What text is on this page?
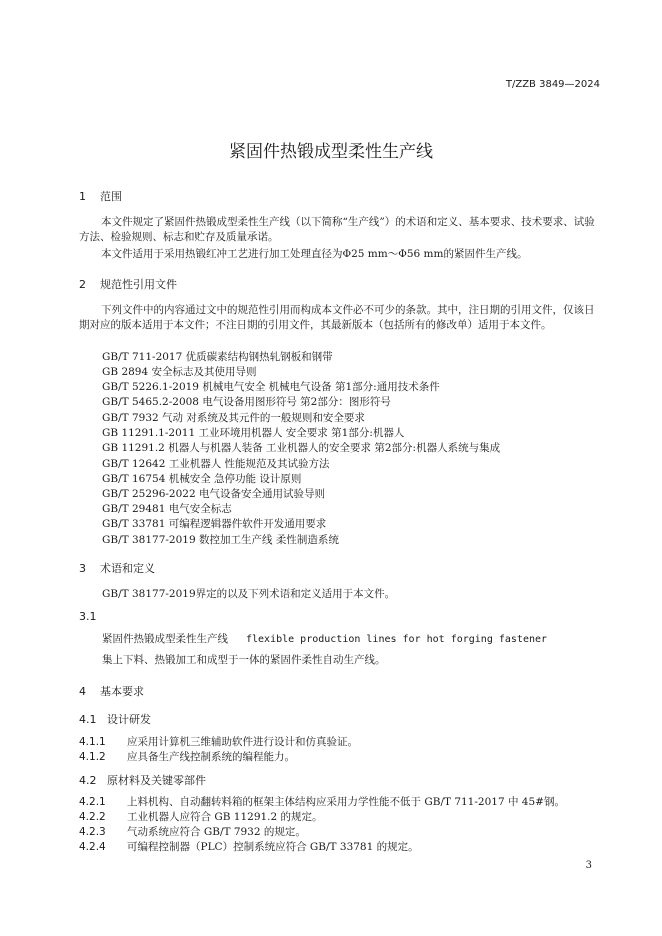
T/ZZB 3849—2024
紧固件热锻成型柔性生产线
1 范围
本文件规定了紧固件热锻成型柔性生产线（以下简称“生产线”）的术语和定义、基本要求、技术要求、试验方法、检验规则、标志和贮存及质量承诺。
本文件适用于采用热锻红冲工艺进行加工处理直径为Φ25 mm～Φ56 mm的紧固件生产线。
2 规范性引用文件
下列文件中的内容通过文中的规范性引用而构成本文件必不可少的条款。其中，注日期的引用文件，仅该日期对应的版本适用于本文件；不注日期的引用文件，其最新版本（包括所有的修改单）适用于本文件。
GB/T 711-2017 优质碳素结构钢热轧钢板和钢带
GB 2894 安全标志及其使用导则
GB/T 5226.1-2019 机械电气安全 机械电气设备 第1部分:通用技术条件
GB/T 5465.2-2008 电气设备用图形符号 第2部分：图形符号
GB/T 7932 气动 对系统及其元件的一般规则和安全要求
GB 11291.1-2011 工业环境用机器人 安全要求 第1部分:机器人
GB 11291.2 机器人与机器人装备 工业机器人的安全要求 第2部分:机器人系统与集成
GB/T 12642 工业机器人 性能规范及其试验方法
GB/T 16754 机械安全 急停功能 设计原则
GB/T 25296-2022 电气设备安全通用试验导则
GB/T 29481 电气安全标志
GB/T 33781 可编程逻辑器件软件开发通用要求
GB/T 38177-2019 数控加工生产线 柔性制造系统
3 术语和定义
GB/T 38177-2019界定的以及下列术语和定义适用于本文件。
3.1
紧固件热锻成型柔性生产线 flexible production lines for hot forging fastener
集上下料、热锻加工和成型于一体的紧固件柔性自动生产线。
4 基本要求
4.1 设计研发
4.1.1 应采用计算机三维辅助软件进行设计和仿真验证。
4.1.2 应具备生产线控制系统的编程能力。
4.2 原材料及关键零部件
4.2.1 上料机构、自动翻转料箱的框架主体结构应采用力学性能不低于 GB/T 711-2017 中 45#钢。
4.2.2 工业机器人应符合 GB 11291.2 的规定。
4.2.3 气动系统应符合 GB/T 7932 的规定。
4.2.4 可编程控制器（PLC）控制系统应符合 GB/T 33781 的规定。
3
